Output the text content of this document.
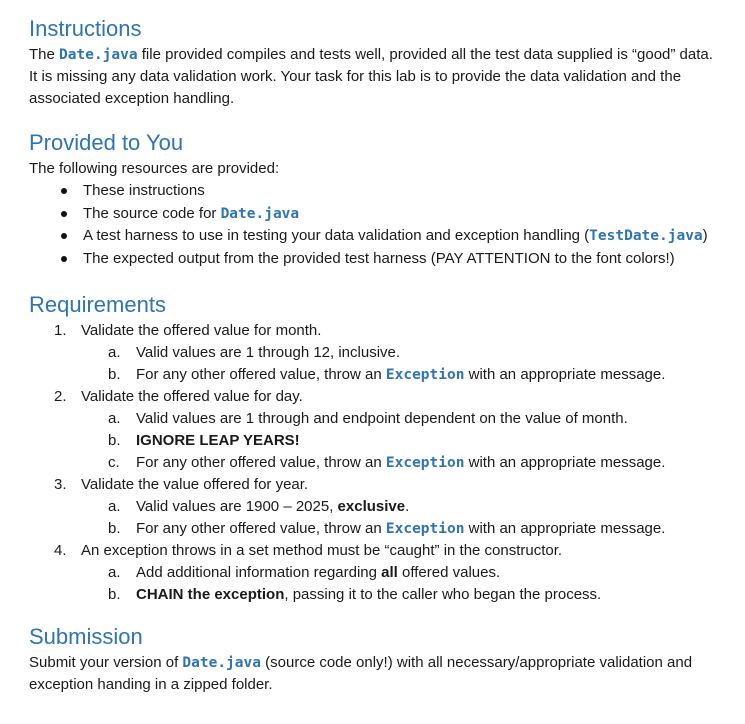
Instructions

The Date.java file provided compiles and tests well, provided all the test data supplied is “good” data.

It is missing any data validation work. Your task for this lab is to provide the data validation and the

associated exception handling.

Provided to You

The following resources are provided:

These instructions
The source code for Date.java
A test harness to use in testing your data validation and exception handling (TestDate.java)
The expected output from the provided test harness (PAY ATTENTION to the font colors!)
Requirements
1. Validate the offered value for month.
a. Valid values are 1 through 12, inclusive.
b. For any other offered value, throw an Exception with an appropriate message.
2. Validate the offered value for day.
a. Valid values are 1 through and endpoint dependent on the value of month.
b. IGNORE LEAP YEARS!
c. For any other offered value, throw an Exception with an appropriate message.
3. Validate the value offered for year.
a. Valid values are 1900 – 2025, exclusive.
b. For any other offered value, throw an Exception with an appropriate message.
4. An exception throws in a set method must be “caught” in the constructor.
a. Add additional information regarding all offered values.
b. CHAIN the exception, passing it to the caller who began the process.
Submission

Submit your version of Date.java (source code only!) with all necessary/appropriate validation and

exception handing in a zipped folder.
